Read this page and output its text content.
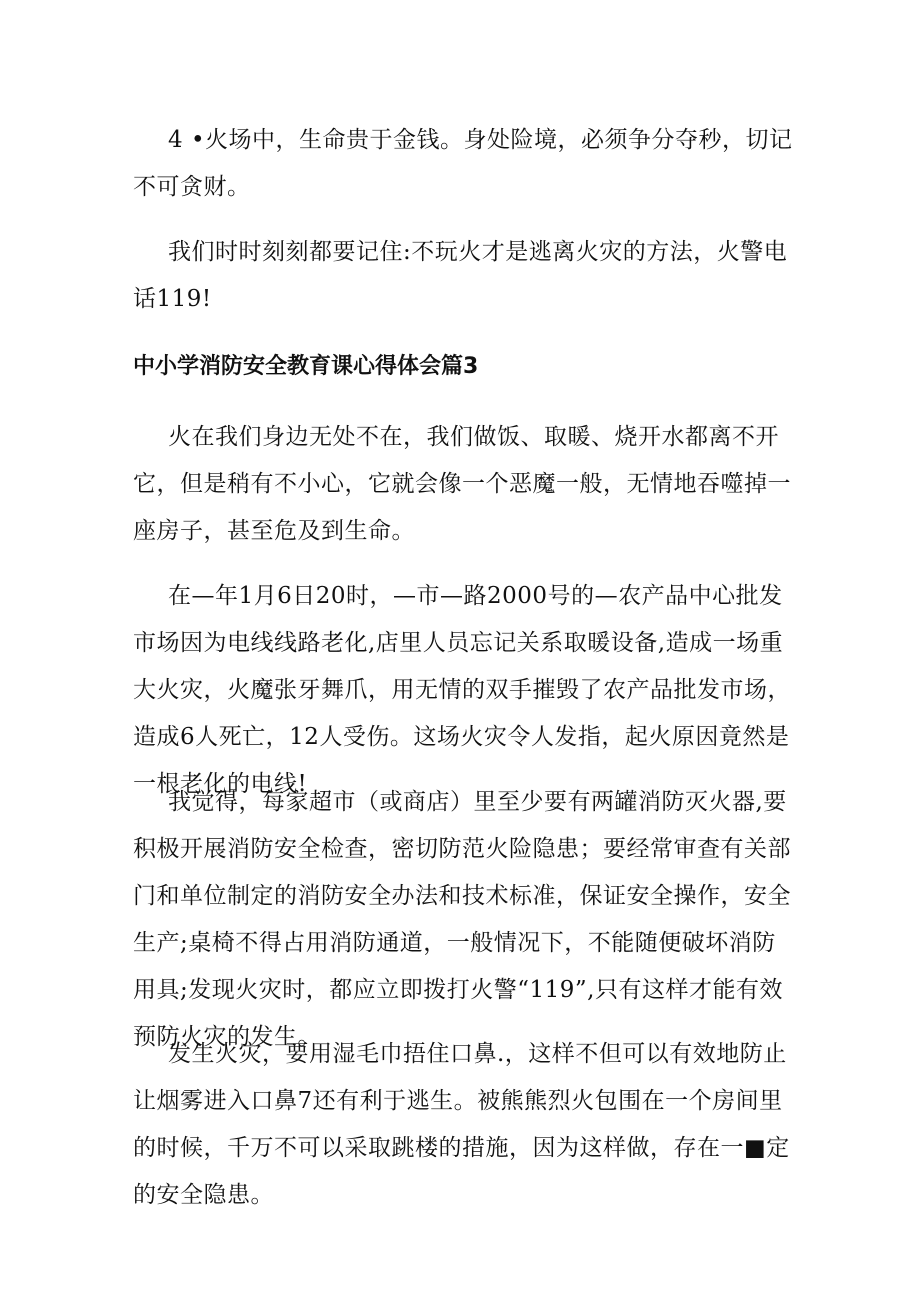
4 •火场中，生命贵于金钱。身处险境，必须争分夺秒，切记不可贪财。

我们时时刻刻都要记住:不玩火才是逃离火灾的方法，火警电话119!

中小学消防安全教育课心得体会篇3

火在我们身边无处不在，我们做饭、取暖、烧开水都离不开它，但是稍有不小心，它就会像一个恶魔一般，无情地吞噬掉一座房子，甚至危及到生命。

在—年1月6日20时，—市—路2000号的—农产品中心批发市场因为电线线路老化,店里人员忘记关系取暖设备,造成一场重大火灾，火魔张牙舞爪，用无情的双手摧毁了农产品批发市场，造成6人死亡，12人受伤。这场火灾令人发指，起火原因竟然是一根老化的电线!

我觉得，每家超市（或商店）里至少要有两罐消防灭火器,要积极开展消防安全检查，密切防范火险隐患；要经常审查有关部门和单位制定的消防安全办法和技术标准，保证安全操作，安全生产;桌椅不得占用消防通道，一般情况下，不能随便破坏消防用具;发现火灾时，都应立即拨打火警“119”,只有这样才能有效预防火灾的发生。

发生火灾，要用湿毛巾捂住口鼻.，这样不但可以有效地防止让烟雾进入口鼻7还有利于逃生。被熊熊烈火包围在一个房间里的时候，千万不可以采取跳楼的措施，因为这样做，存在一■定的安全隐患。
